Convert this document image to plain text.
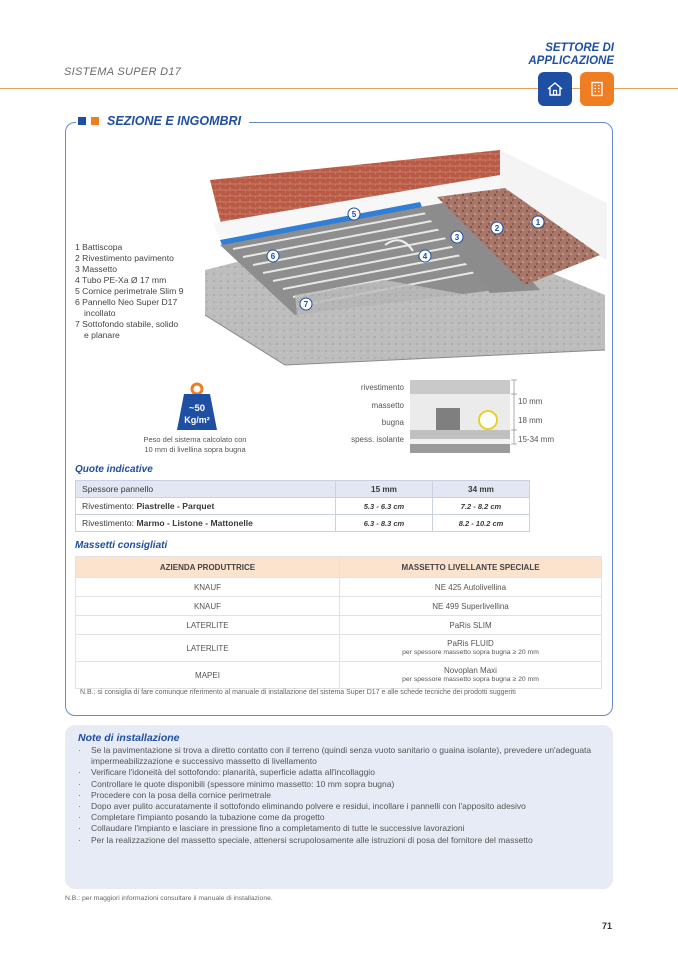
SISTEMA SUPER D17
SETTORE DI
APPLICAZIONE
SEZIONE E INGOMBRI
1
2
3
4
5
6
7
1 Battiscopa
2 Rivestimento pavimento
3 Massetto
4 Tubo PE-Xa Ø 17 mm
5 Cornice perimetrale Slim 9
6 Pannello Neo Super D17
incollato
7 Sottofondo stabile, solido
e planare
~50
Kg/m²
Peso del sistema calcolato con
10 mm di livellina sopra bugna
rivestimento
massetto
bugna
spess. isolante
10 mm
18 mm
15-34 mm
Quote indicative
Spessore pannello	15 mm	34 mm
Rivestimento: Piastrelle - Parquet	5.3 - 6.3 cm	7.2 - 8.2 cm
Rivestimento: Marmo - Listone - Mattonelle	6.3 - 8.3 cm	8.2 - 10.2 cm
Massetti consigliati
AZIENDA PRODUTTRICE	MASSETTO LIVELLANTE SPECIALE
KNAUF	NE 425 Autolivellina
KNAUF	NE 499 Superlivellina
LATERLITE	PaRis SLIM
LATERLITE	PaRis FLUID
per spessore massetto sopra bugna ≥ 20 mm

MAPEI	Novoplan Maxi
per spessore massetto sopra bugna ≥ 20 mm
N.B.: si consiglia di fare comunque riferimento al manuale di installazione del sistema Super D17 e alle schede tecniche dei prodotti suggeriti
Note di installazione
· Se la pavimentazione si trova a diretto contatto con il terreno (quindi senza vuoto sanitario o guaina isolante), prevedere un'adeguata impermeabilizzazione e successivo massetto di livellamento
· Verificare l'idoneità del sottofondo: planarità, superficie adatta all'incollaggio
· Controllare le quote disponibili (spessore minimo massetto: 10 mm sopra bugna)
· Procedere con la posa della cornice perimetrale
· Dopo aver pulito accuratamente il sottofondo eliminando polvere e residui, incollare i pannelli con l'apposito adesivo
· Completare l'impianto posando la tubazione come da progetto
· Collaudare l'impianto e lasciare in pressione fino a completamento di tutte le successive lavorazioni
· Per la realizzazione del massetto speciale, attenersi scrupolosamente alle istruzioni di posa del fornitore del massetto
N.B.: per maggiori informazioni consultare il manuale di installazione.
71
